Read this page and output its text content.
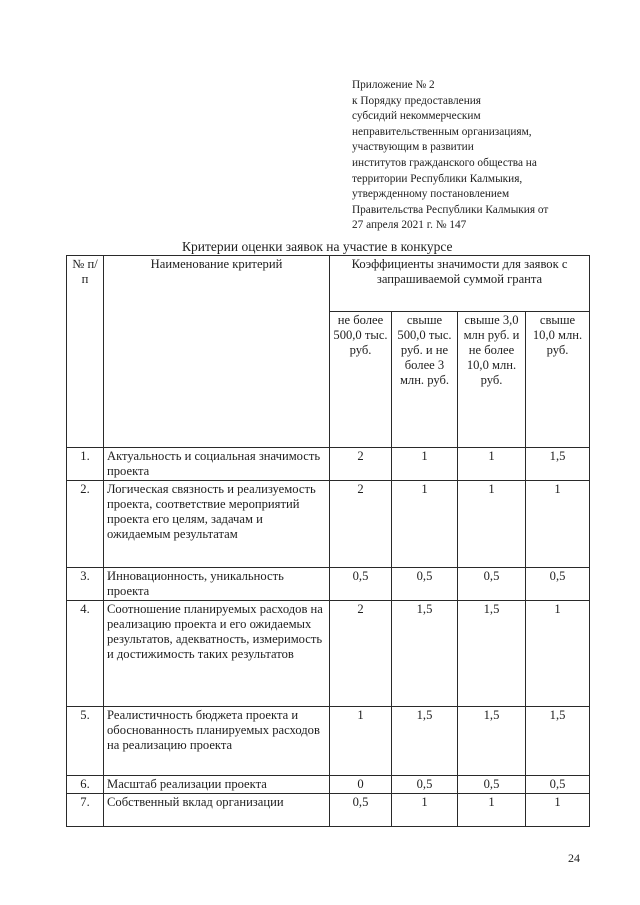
Приложение № 2
к Порядку предоставления
субсидий некоммерческим
неправительственным организациям,
участвующим в развитии
институтов гражданского общества на
территории Республики Калмыкия,
утвержденному постановлением
Правительства Республики Калмыкия от
27 апреля 2021 г. № 147
Критерии оценки заявок на участие в конкурсе
№ п/п	Наименование критерий	Коэффициенты значимости для заявок с запрашиваемой суммой гранта			
		не более 500,0 тыс. руб.	свыше 500,0 тыс. руб. и не более 3 млн. руб.	свыше 3,0 млн руб. и не более 10,0 млн. руб.	свыше 10,0 млн. руб.
1.	Актуальность и социальная значимость проекта	2	1	1	1,5
2.	Логическая связность и реализуемость проекта, соответствие мероприятий проекта его целям, задачам и ожидаемым результатам	2	1	1	1
3.	Инновационность, уникальность проекта	0,5	0,5	0,5	0,5
4.	Соотношение планируемых расходов на реализацию проекта и его ожидаемых результатов, адекватность, измеримость и достижимость таких результатов	2	1,5	1,5	1
5.	Реалистичность бюджета проекта и обоснованность планируемых расходов на реализацию проекта	1	1,5	1,5	1,5
6.	Масштаб реализации проекта	0	0,5	0,5	0,5
7.	Собственный вклад организации	0,5	1	1	1
24
